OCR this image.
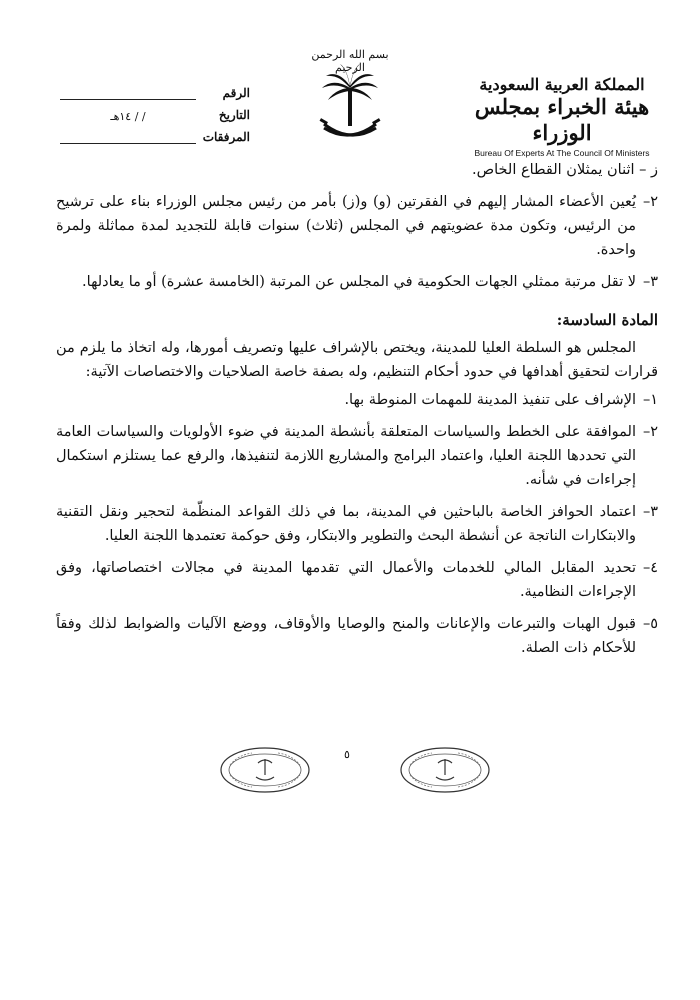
المملكة العربية السعودية
هيئة الخبراء بمجلس الوزراء
Bureau Of Experts At The Council Of Ministers
بسم الله الرحمن الرحيم
الرقم
التاريخ
/ / ١٤هـ
المرفقات

ز – اثنان يمثلان القطاع الخاص.

٢–
يُعين الأعضاء المشار إليهم في الفقرتين (و) و(ز) بأمر من رئيس مجلس الوزراء بناء على ترشيح من الرئيس، وتكون مدة عضويتهم في المجلس (ثلاث) سنوات قابلة للتجديد لمدة مماثلة ولمرة واحدة.
٣–
لا تقل مرتبة ممثلي الجهات الحكومية في المجلس عن المرتبة (الخامسة عشرة) أو ما يعادلها.
المادة السادسة:

المجلس هو السلطة العليا للمدينة، ويختص بالإشراف عليها وتصريف أمورها، وله اتخاذ ما يلزم من قرارات لتحقيق أهدافها في حدود أحكام التنظيم، وله بصفة خاصة الصلاحيات والاختصاصات الآتية:

١–
الإشراف على تنفيذ المدينة للمهمات المنوطة بها.
٢–
الموافقة على الخطط والسياسات المتعلقة بأنشطة المدينة في ضوء الأولويات والسياسات العامة التي تحددها اللجنة العليا، واعتماد البرامج والمشاريع اللازمة لتنفيذها، والرفع عما يستلزم استكمال إجراءات في شأنه.
٣–
اعتماد الحوافز الخاصة بالباحثين في المدينة، بما في ذلك القواعد المنظّمة لتحجير ونقل التقنية والابتكارات الناتجة عن أنشطة البحث والتطوير والابتكار، وفق حوكمة تعتمدها اللجنة العليا.
٤–
تحديد المقابل المالي للخدمات والأعمال التي تقدمها المدينة في مجالات اختصاصاتها، وفق الإجراءات النظامية.
٥–
قبول الهبات والتبرعات والإعانات والمنح والوصايا والأوقاف، ووضع الآليات والضوابط لذلك وفقاً للأحكام ذات الصلة.
٥
